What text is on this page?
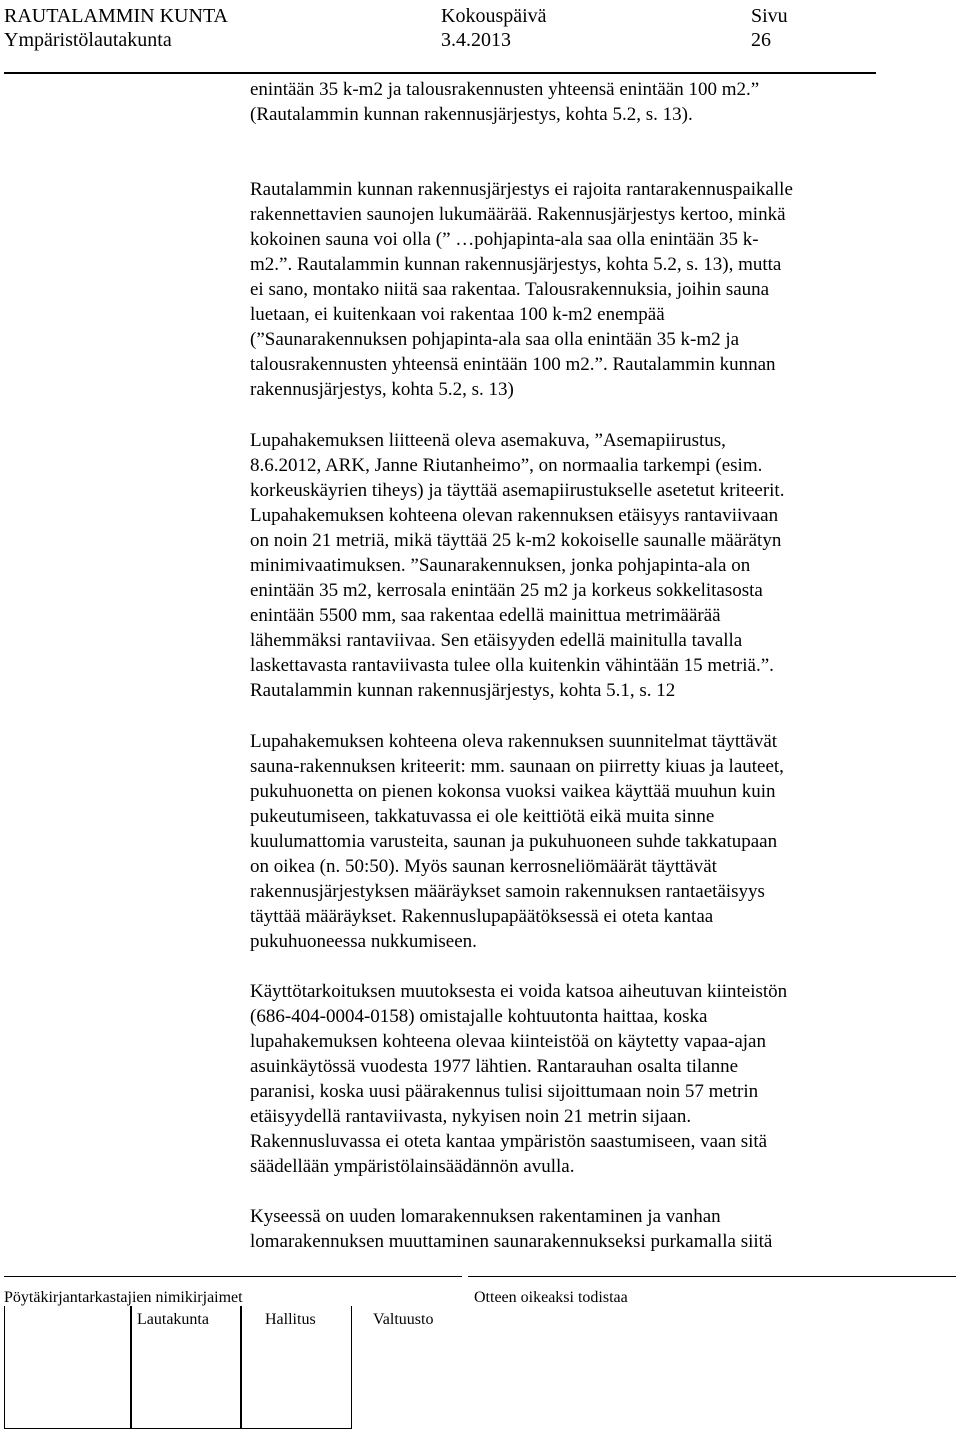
RAUTALAMMIN KUNTA
Ympäristölautakunta
Kokouspäivä
3.4.2013
Sivu
26
enintään 35 k-m2 ja talousrakennusten yhteensä enintään 100 m2.”
(Rautalammin kunnan rakennusjärjestys, kohta 5.2, s. 13).
Rautalammin kunnan rakennusjärjestys ei rajoita rantarakennuspaikalle
rakennettavien saunojen lukumäärää. Rakennusjärjestys kertoo, minkä
kokoinen sauna voi olla (” …pohjapinta-ala saa olla enintään 35 k-
m2.”. Rautalammin kunnan rakennusjärjestys, kohta 5.2, s. 13), mutta
ei sano, montako niitä saa rakentaa. Talousrakennuksia, joihin sauna
luetaan, ei kuitenkaan voi rakentaa 100 k-m2 enempää
(”Saunarakennuksen pohjapinta-ala saa olla enintään 35 k-m2 ja
talousrakennusten yhteensä enintään 100 m2.”. Rautalammin kunnan
rakennusjärjestys, kohta 5.2, s. 13)
Lupahakemuksen liitteenä oleva asemakuva, ”Asemapiirustus,
8.6.2012, ARK, Janne Riutanheimo”, on normaalia tarkempi (esim.
korkeuskäyrien tiheys) ja täyttää asemapiirustukselle asetetut kriteerit.
Lupahakemuksen kohteena olevan rakennuksen etäisyys rantaviivaan
on noin 21 metriä, mikä täyttää 25 k-m2 kokoiselle saunalle määrätyn
minimivaatimuksen. ”Saunarakennuksen, jonka pohjapinta-ala on
enintään 35 m2, kerrosala enintään 25 m2 ja korkeus sokkelitasosta
enintään 5500 mm, saa rakentaa edellä mainittua metrimäärää
lähemmäksi rantaviivaa. Sen etäisyyden edellä mainitulla tavalla
laskettavasta rantaviivasta tulee olla kuitenkin vähintään 15 metriä.”.
Rautalammin kunnan rakennusjärjestys, kohta 5.1, s. 12
Lupahakemuksen kohteena oleva rakennuksen suunnitelmat täyttävät
sauna-rakennuksen kriteerit: mm. saunaan on piirretty kiuas ja lauteet,
pukuhuonetta on pienen kokonsa vuoksi vaikea käyttää muuhun kuin
pukeutumiseen, takkatuvassa ei ole keittiötä eikä muita sinne
kuulumattomia varusteita, saunan ja pukuhuoneen suhde takkatupaan
on oikea (n. 50:50). Myös saunan kerrosneliömäärät täyttävät
rakennusjärjestyksen määräykset samoin rakennuksen rantaetäisyys
täyttää määräykset. Rakennuslupapäätöksessä ei oteta kantaa
pukuhuoneessa nukkumiseen.
Käyttötarkoituksen muutoksesta ei voida katsoa aiheutuvan kiinteistön
(686-404-0004-0158) omistajalle kohtuutonta haittaa, koska
lupahakemuksen kohteena olevaa kiinteistöä on käytetty vapaa-ajan
asuinkäytössä vuodesta 1977 lähtien. Rantarauhan osalta tilanne
paranisi, koska uusi päärakennus tulisi sijoittumaan noin 57 metrin
etäisyydellä rantaviivasta, nykyisen noin 21 metrin sijaan.
Rakennusluvassa ei oteta kantaa ympäristön saastumiseen, vaan sitä
säädellään ympäristölainsäädännön avulla.
Kyseessä on uuden lomarakennuksen rakentaminen ja vanhan
lomarakennuksen muuttaminen saunarakennukseksi purkamalla siitä
Pöytäkirjantarkastajien nimikirjaimet
Lautakunta	Hallitus	Valtuusto
Otteen oikeaksi todistaa
